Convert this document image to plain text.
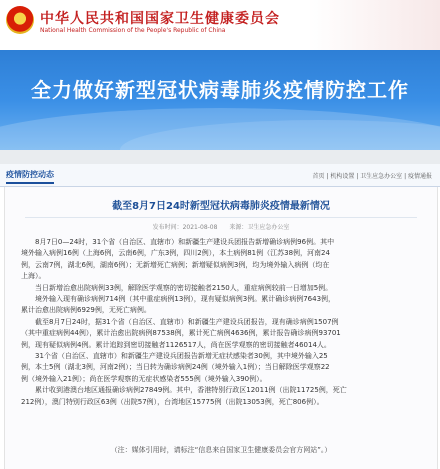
★
中华人民共和国国家卫生健康委员会
National Health Commission of the People's Republic of China
全力做好新型冠状病毒肺炎疫情防控工作
疫情防控动态	首页 | 机构设置 | 卫生应急办公室 | 疫情通报
截至8月7日24时新型冠状病毒肺炎疫情最新情况
发布时间：2021-08-08　　来源：卫生应急办公室

　　8月7日0—24时，31个省（自治区、直辖市）和新疆生产建设兵团报告新增确诊病例96例。其中

境外输入病例16例（上海6例，云南6例，广东3例，四川2例），本土病例81例（江苏38例，河南24

例，云南7例，湖北6例，湖南6例）；无新增死亡病例；新增疑似病例3例，均为境外输入病例（均在

上海）。

　　当日新增治愈出院病例33例，解除医学观察的密切接触者2150人，重症病例较前一日增加5例。

　　境外输入现有确诊病例714例（其中重症病例13例），现有疑似病例3例。累计确诊病例7643例，

累计治愈出院病例6929例，无死亡病例。

　　截至8月7日24时，据31个省（自治区、直辖市）和新疆生产建设兵团报告，现有确诊病例1507例

（其中重症病例44例），累计治愈出院病例87538例，累计死亡病例4636例，累计报告确诊病例93701

例，现有疑似病例4例。累计追踪到密切接触者1126517人，尚在医学观察的密切接触者46014人。

　　31个省（自治区、直辖市）和新疆生产建设兵团报告新增无症状感染者30例，其中境外输入25

例，本土5例（湖北3例，河南2例）；当日转为确诊病例24例（境外输入1例）；当日解除医学观察22

例（境外输入21例）；尚在医学观察的无症状感染者555例（境外输入390例）。

　　累计收到港澳台地区通报确诊病例27849例。其中，香港特别行政区12011例（出院11725例，死亡

212例），澳门特别行政区63例（出院57例），台湾地区15775例（出院13053例，死亡806例）。

（注：媒体引用时，请标注“信息来自国家卫生健康委员会官方网站”。）
